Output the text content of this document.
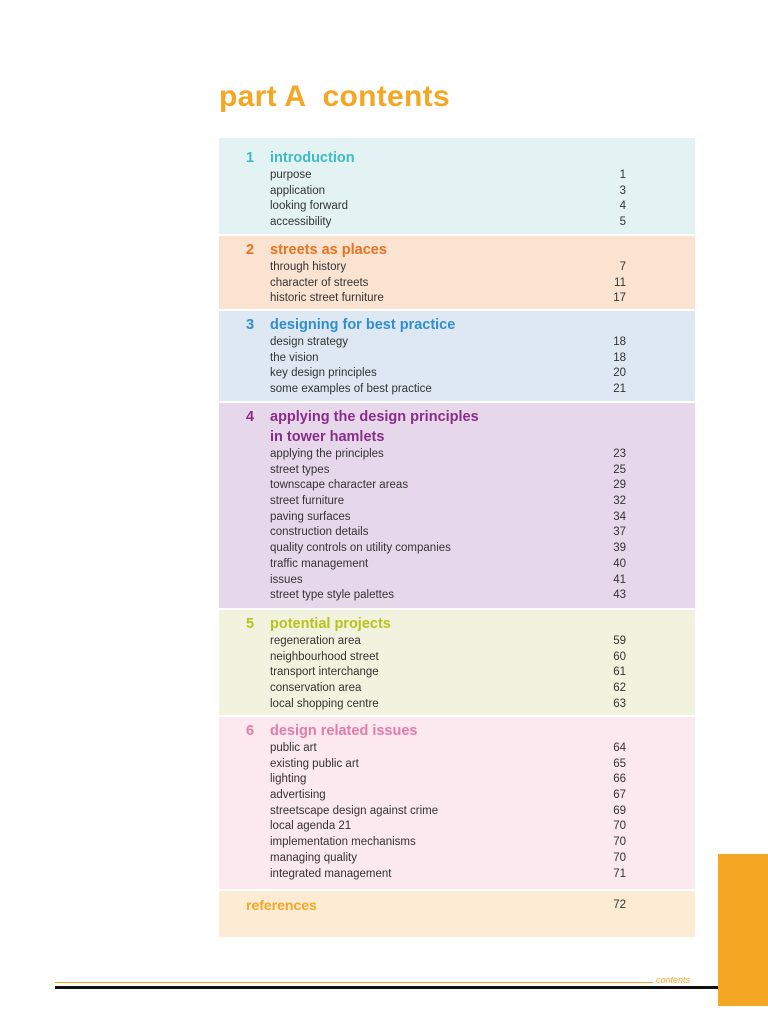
part A  contents
1 introduction
purpose	1
application	3
looking forward	4
accessibility	5
2 streets as places
through history	7
character of streets	11
historic street furniture	17
3 designing for best practice
design strategy	18
the vision	18
key design principles	20
some examples of best practice	21
4 applying the design principles
in tower hamlets
applying the principles	23
street types	25
townscape character areas	29
street furniture	32
paving surfaces	34
construction details	37
quality controls on utility companies	39
traffic management	40
issues	41
street type style palettes	43
5 potential projects
regeneration area	59
neighbourhood street	60
transport interchange	61
conservation area	62
local shopping centre	63
6 design related issues
public art	64
existing public art	65
lighting	66
advertising	67
streetscape design against crime	69
local agenda 21	70
implementation mechanisms	70
managing quality	70
integrated management	71
references	72
contents
